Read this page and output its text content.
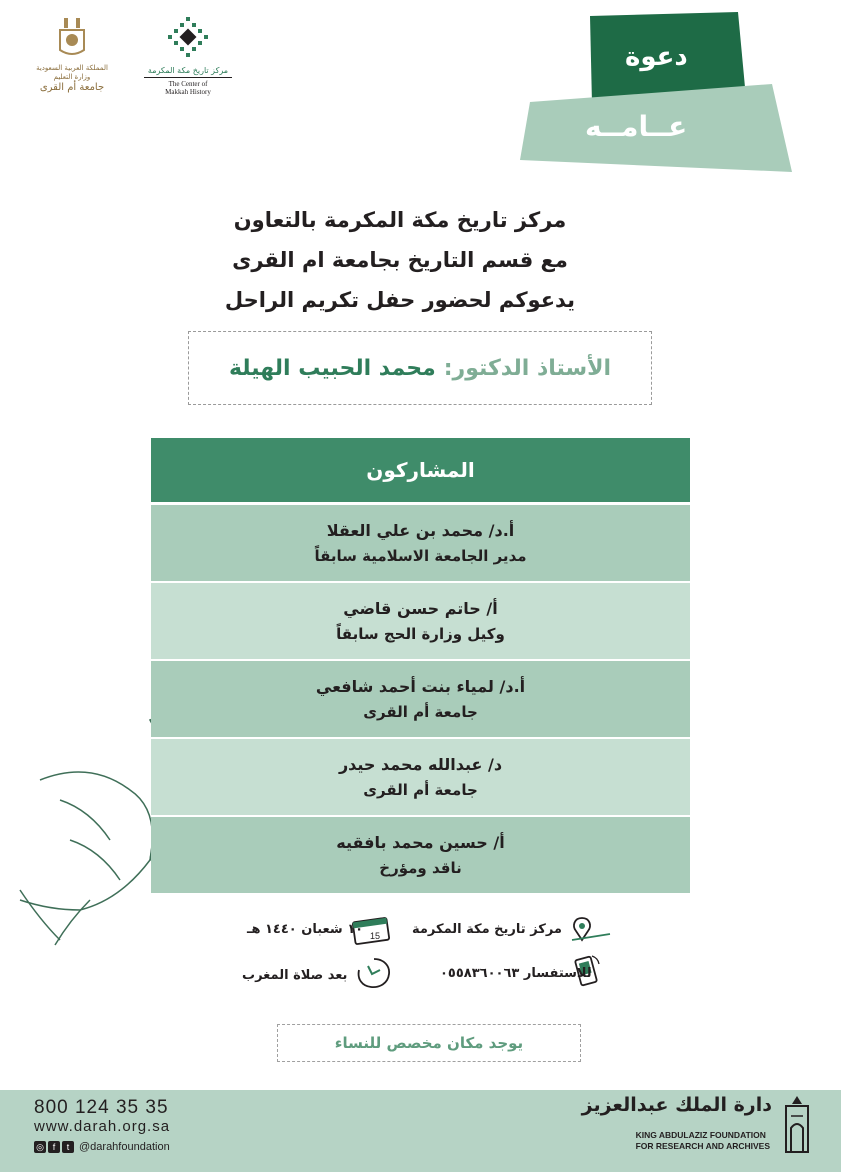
المملكة العربية السعودية
وزارة التعليم
جامعة أم القرى
مركز تاريخ مكة المكرمة
The Center of
Makkah History
دعوة
عــامــه
مركز تاريخ مكة المكرمة بالتعاون
مع قسم التاريخ بجامعة ام القرى
يدعوكم لحضور حفل تكريم الراحل
الأستاذ الدكتور:
محمد الحبيب الهيلة
المشاركون
أ.د/ محمد بن علي العقلا
مدير الجامعة الاسلامية سابقاً
أ/ حاتم حسن قاضي
وكيل وزارة الحج سابقاً
أ.د/ لمياء بنت أحمد شافعي
جامعة أم القرى
د/ عبدالله محمد حيدر
جامعة أم القرى
أ/ حسين محمد بافقيه
ناقد ومؤرخ
مركز تاريخ مكة المكرمة
15
١٠ شعبان ١٤٤٠ هـ
للاستفسار ٠٥٥٨٣٦٠٠٦٣
بعد صلاة المغرب
يوجد مكان مخصص للنساء
800 124 35 35
www.darah.org.sa
◎ f	t @darahfoundation
دارة الملك عبدالعزيز
KING ABDULAZIZ FOUNDATION
FOR RESEARCH AND ARCHIVES
